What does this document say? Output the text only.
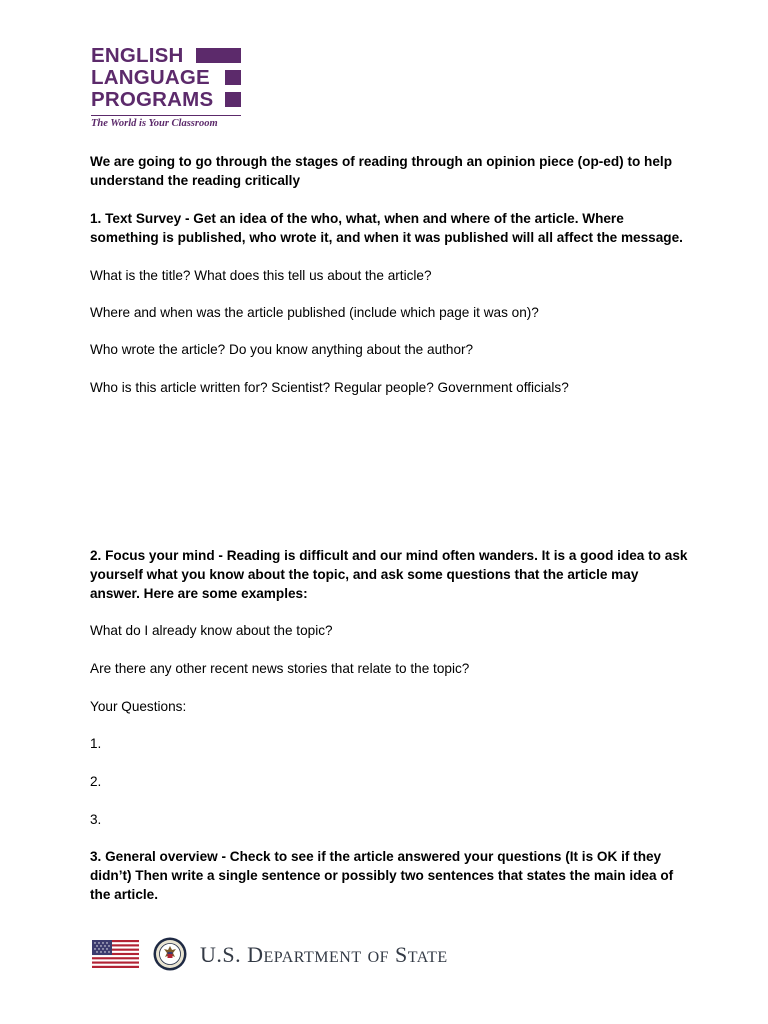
ENGLISH
LANGUAGE
PROGRAMS
The World is Your Classroom

We are going to go through the stages of reading through an opinion piece (op-ed) to help understand the reading critically

1. Text Survey - Get an idea of the who, what, when and where of the article. Where something is published, who wrote it, and when it was published will all affect the message.

What is the title? What does this tell us about the article?

Where and when was the article published (include which page it was on)?

Who wrote the article? Do you know anything about the author?

Who is this article written for? Scientist? Regular people? Government officials?

2. Focus your mind - Reading is difficult and our mind often wanders. It is a good idea to ask yourself what you know about the topic, and ask some questions that the article may answer. Here are some examples:

What do I already know about the topic?

Are there any other recent news stories that relate to the topic?

Your Questions:

1.

2.

3.

3. General overview - Check to see if the article answered your questions (It is OK if they didn’t) Then write a single sentence or possibly two sentences that states the main idea of the article.

U.S. DEPARTMENT OF STATE
